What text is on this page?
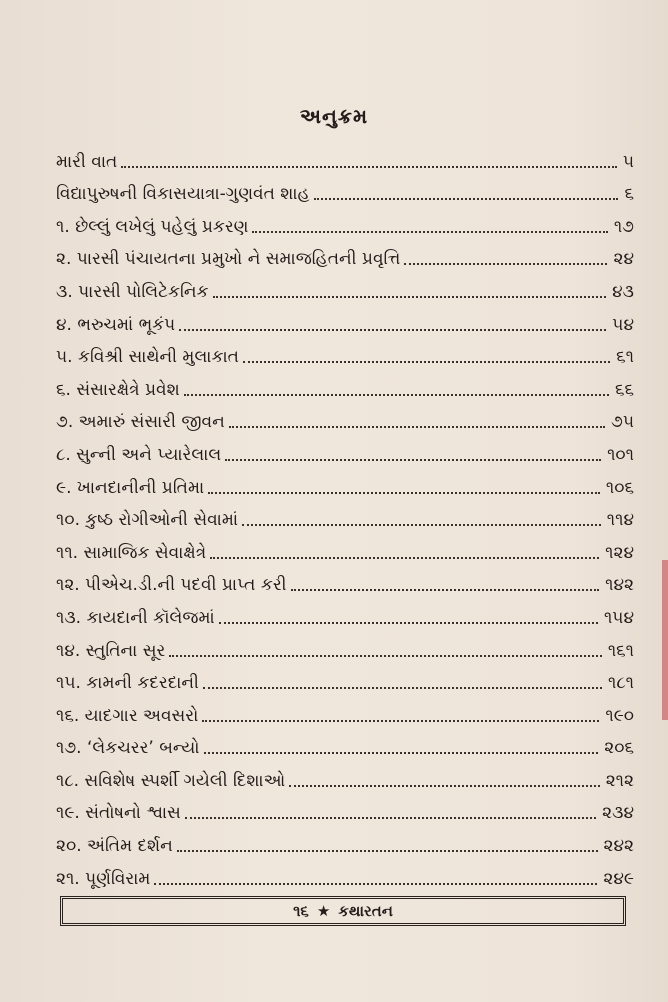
અનુક્રમ
મારી વાત	૫
વિદ્યાપુરુષની વિકાસયાત્રા-ગુણવંત શાહ	૬
૧. છેલ્લું લખેલું પહેલું પ્રકરણ	૧૭
૨. પારસી પંચાયતના પ્રમુખો ને સમાજહિતની પ્રવૃત્તિ	૨૪
૩. પારસી પોલિટેકનિક	૪૩
૪. ભરુચમાં ભૂકંપ	૫૪
૫. કવિશ્રી સાથેની મુલાકાત	૬૧
૬. સંસારક્ષેત્રે પ્રવેશ	૬૬
૭. અમારું સંસારી જીવન	૭૫
૮. સુન્ની અને પ્યારેલાલ	૧૦૧
૯. ખાનદાનીની પ્રતિમા	૧૦૬
૧૦. કુષ્ઠ રોગીઓની સેવામાં	૧૧૪
૧૧. સામાજિક સેવાક્ષેત્રે	૧૨૪
૧૨. પીએચ.ડી.ની પદવી પ્રાપ્ત કરી	૧૪૨
૧૩. કાયદાની કૉલેજમાં	૧૫૪
૧૪. સ્તુતિના સૂર	૧૬૧
૧૫. કામની કદરદાની	૧૮૧
૧૬. યાદગાર અવસરો	૧૯૦
૧૭. ‘લેકચરર’ બન્યો	૨૦૬
૧૮. સવિશેષ સ્પર્શી ગયેલી દિશાઓ	૨૧૨
૧૯. સંતોષનો શ્વાસ	૨૩૪
૨૦. અંતિમ દર્શન	૨૪૨
૨૧. પૂર્ણવિરામ	૨૪૯
૧૬ ★ કથારતન
